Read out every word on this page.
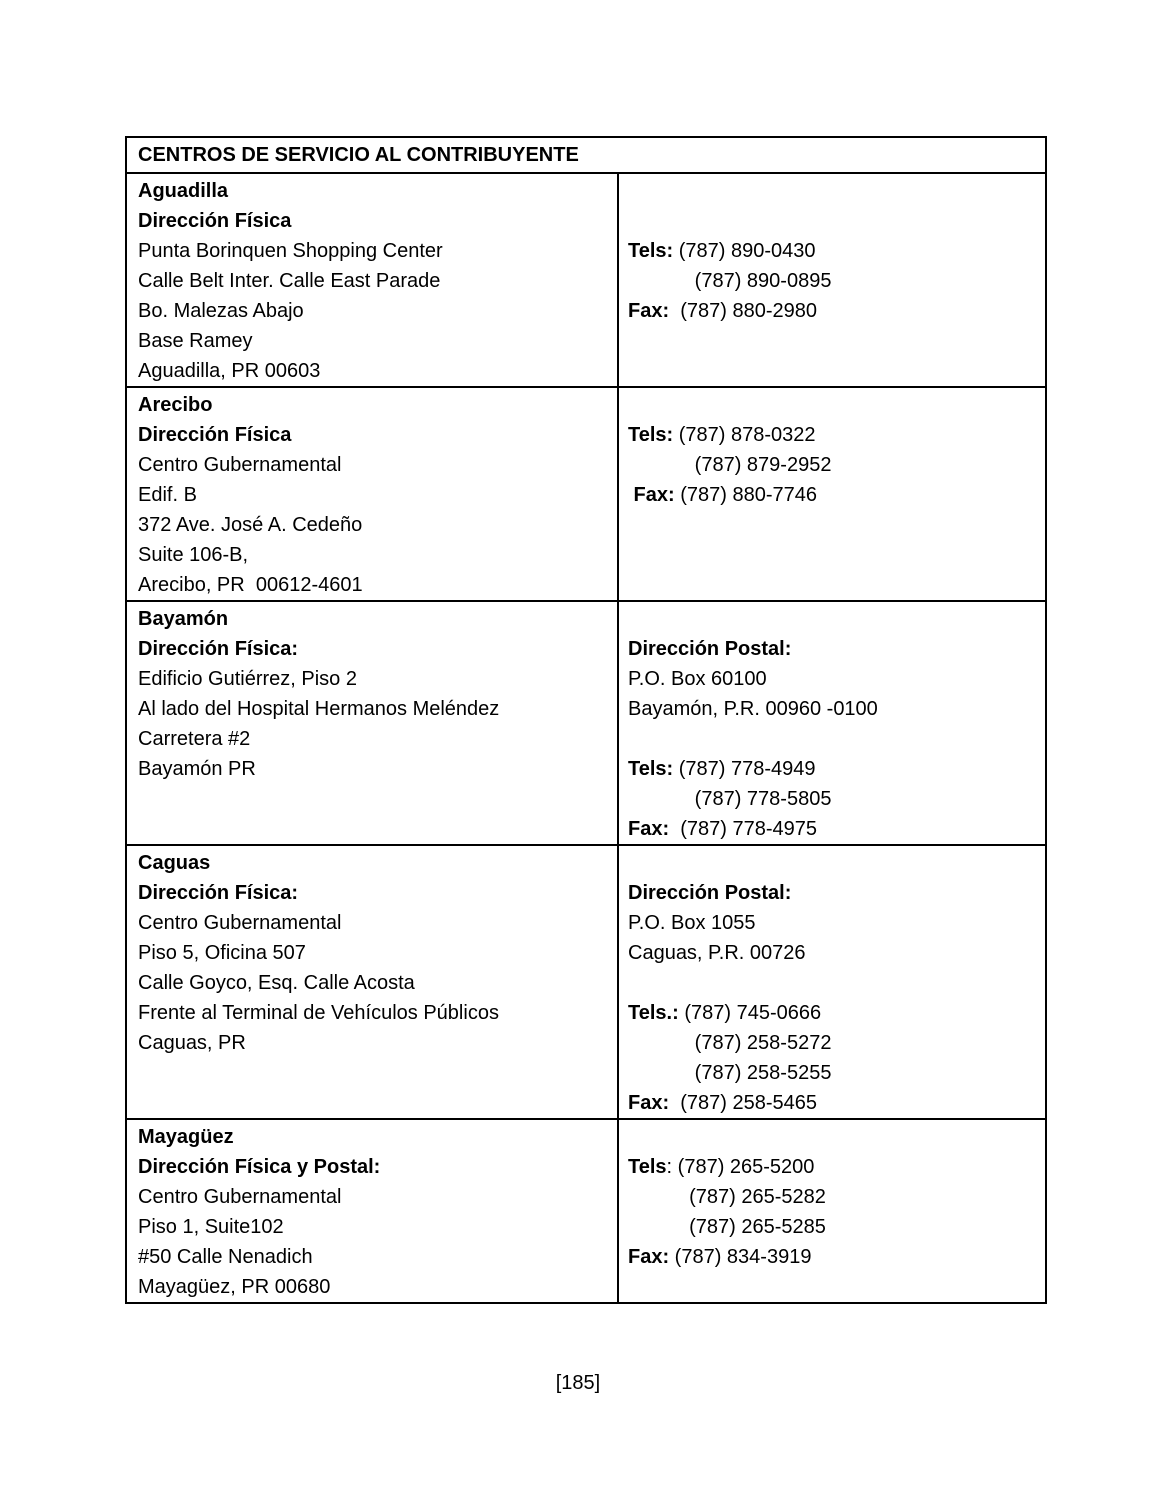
CENTROS DE SERVICIO AL CONTRIBUYENTE
Aguadilla
Dirección Física
Punta Borinquen Shopping Center
Calle Belt Inter. Calle East Parade
Bo. Malezas Abajo
Base Ramey
Aguadilla, PR 00603

Tels: (787) 890-0430
(787) 890-0895
Fax:  (787) 880-2980
Arecibo
Dirección Física
Centro Gubernamental
Edif. B
372 Ave. José A. Cedeño
Suite 106-B,
Arecibo, PR  00612-4601

Tels: (787) 878-0322
(787) 879-2952
Fax: (787) 880-7746
Bayamón
Dirección Física:
Edificio Gutiérrez, Piso 2
Al lado del Hospital Hermanos Meléndez
Carretera #2
Bayamón PR

Dirección Postal:
P.O. Box 60100
Bayamón, P.R. 00960 -0100

Tels: (787) 778-4949
(787) 778-5805
Fax:  (787) 778-4975
Caguas
Dirección Física:
Centro Gubernamental
Piso 5, Oficina 507
Calle Goyco, Esq. Calle Acosta
Frente al Terminal de Vehículos Públicos
Caguas, PR

Dirección Postal:
P.O. Box 1055
Caguas, P.R. 00726

Tels.: (787) 745-0666
(787) 258-5272
(787) 258-5255
Fax:  (787) 258-5465
Mayagüez
Dirección Física y Postal:
Centro Gubernamental
Piso 1, Suite102
#50 Calle Nenadich
Mayagüez, PR 00680

Tels: (787) 265-5200
(787) 265-5282
(787) 265-5285
Fax: (787) 834-3919
[185]
